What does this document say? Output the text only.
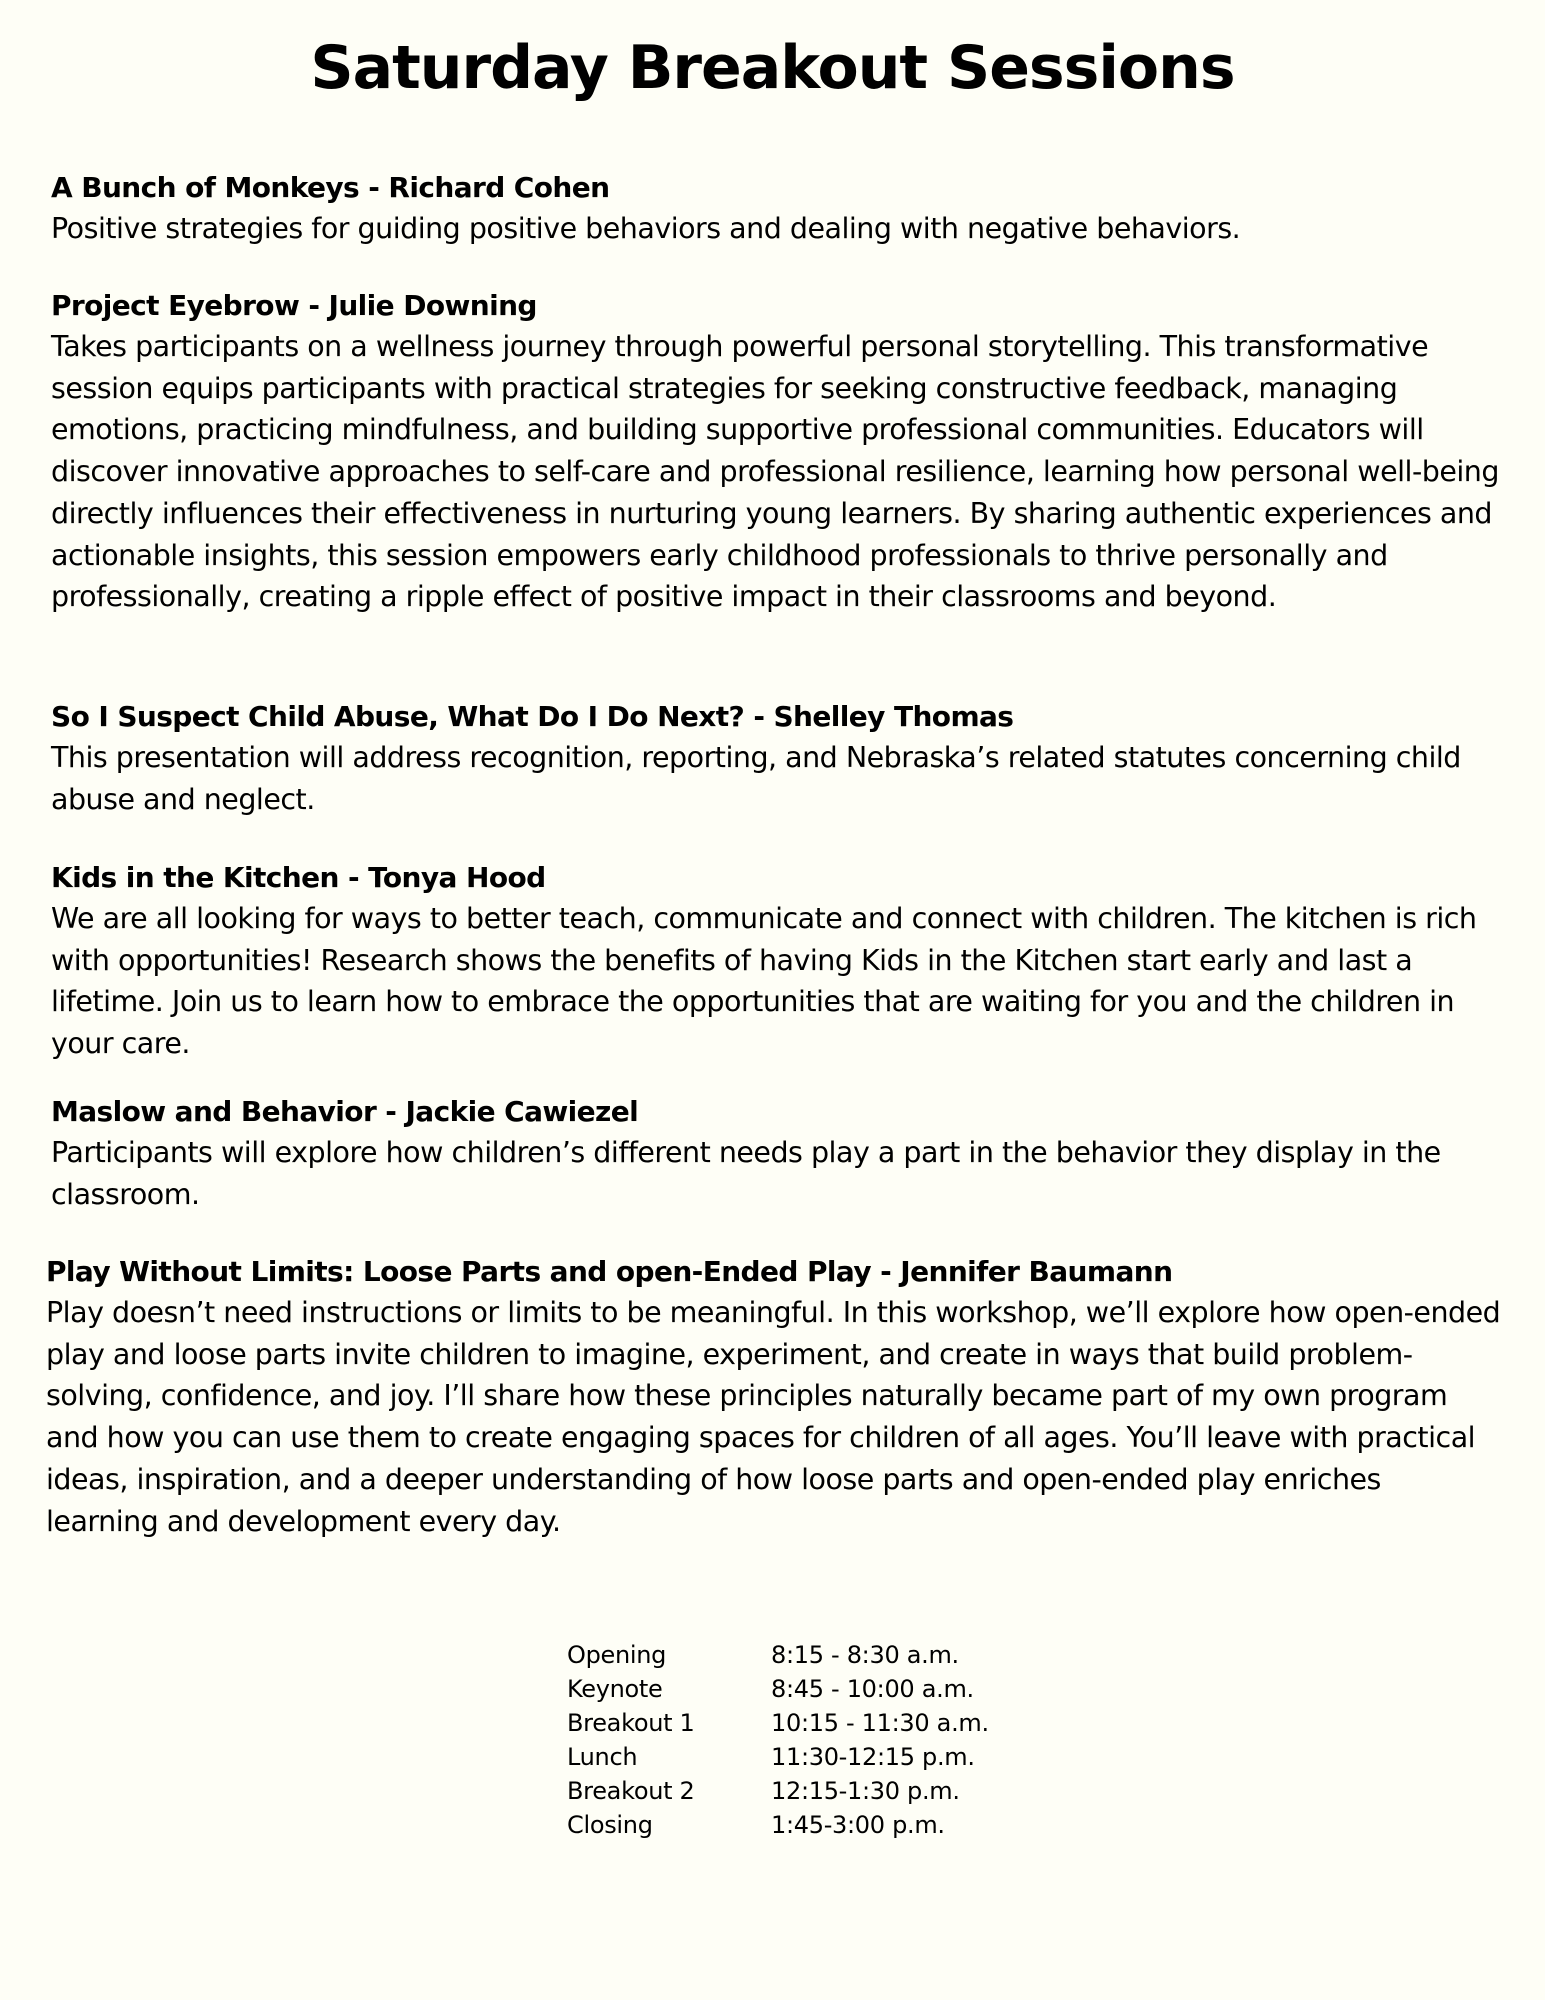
Saturday Breakout Sessions
A Bunch of Monkeys - Richard Cohen
Positive strategies for guiding positive behaviors and dealing with negative behaviors.
Project Eyebrow - Julie Downing
Takes participants on a wellness journey through powerful personal storytelling. This transformative session equips participants with practical strategies for seeking constructive feedback, managing emotions, practicing mindfulness, and building supportive professional communities. Educators will discover innovative approaches to self-care and professional resilience, learning how personal well-being directly influences their effectiveness in nurturing young learners. By sharing authentic experiences and actionable insights, this session empowers early childhood professionals to thrive personally and professionally, creating a ripple effect of positive impact in their classrooms and beyond.
So I Suspect Child Abuse, What Do I Do Next? - Shelley Thomas
This presentation will address recognition, reporting, and Nebraska’s related statutes concerning child abuse and neglect.
Kids in the Kitchen - Tonya Hood
We are all looking for ways to better teach, communicate and connect with children. The kitchen is rich with opportunities! Research shows the benefits of having Kids in the Kitchen start early and last a lifetime. Join us to learn how to embrace the opportunities that are waiting for you and the children in your care.
Maslow and Behavior - Jackie Cawiezel
Participants will explore how children’s different needs play a part in the behavior they display in the classroom.
Play Without Limits: Loose Parts and open-Ended Play - Jennifer Baumann
Play doesn’t need instructions or limits to be meaningful. In this workshop, we’ll explore how open-ended play and loose parts invite children to imagine, experiment, and create in ways that build problem-solving, confidence, and joy. I’ll share how these principles naturally became part of my own program and how you can use them to create engaging spaces for children of all ages. You’ll leave with practical ideas, inspiration, and a deeper understanding of how loose parts and open-ended play enriches learning and development every day.
Opening	8:15 - 8:30 a.m.
Keynote	8:45 - 10:00 a.m.
Breakout 1	10:15 - 11:30 a.m.
Lunch	11:30-12:15 p.m.
Breakout 2	12:15-1:30 p.m.
Closing	1:45-3:00 p.m.
